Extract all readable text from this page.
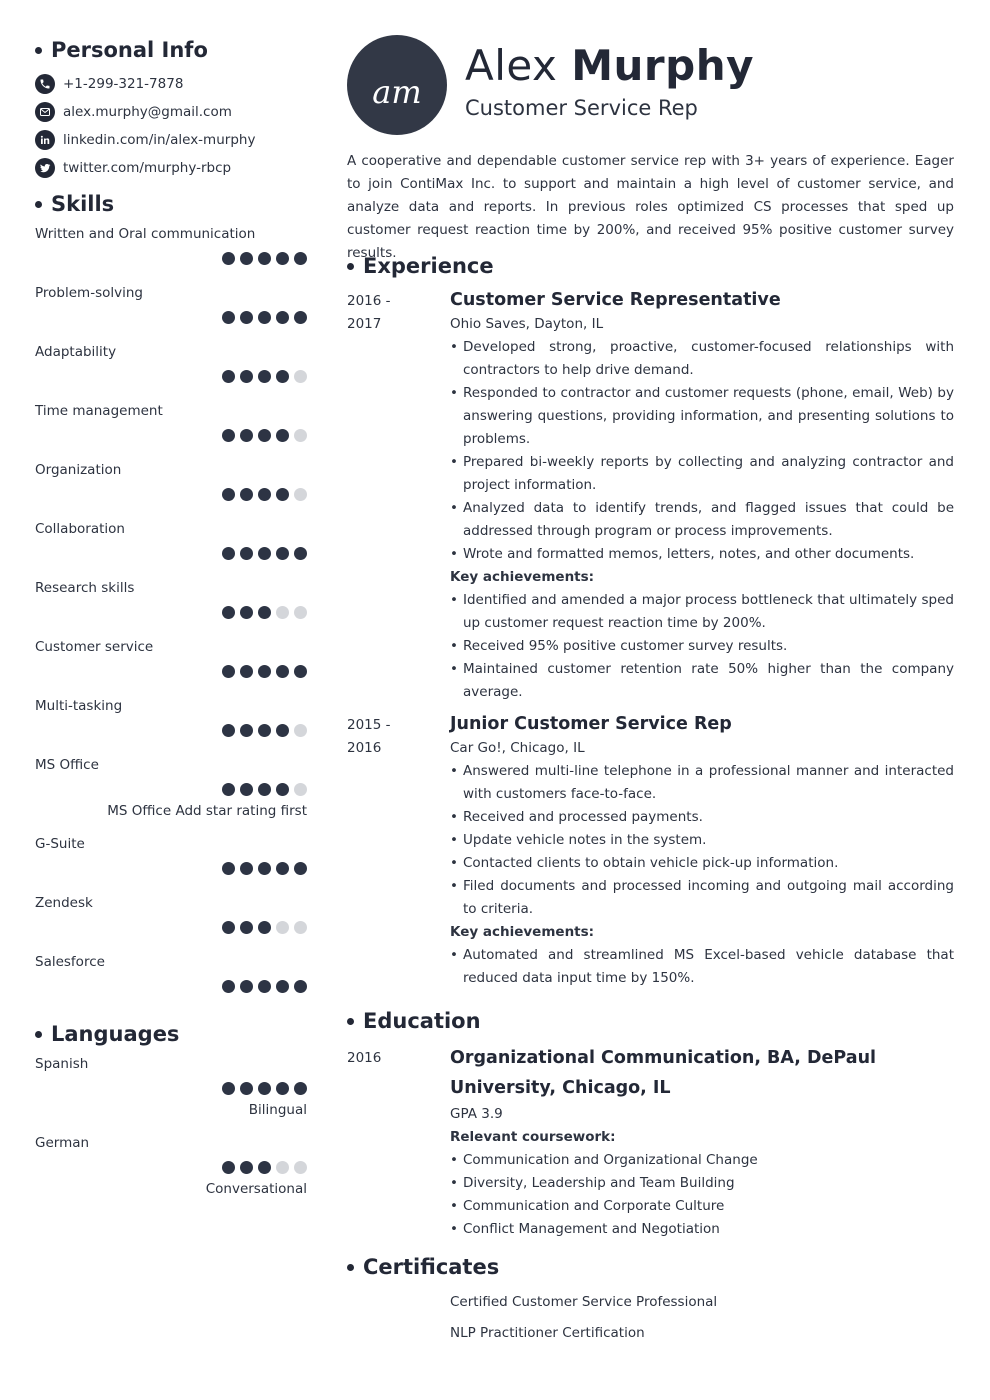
Personal Info
+1-299-321-7878
alex.murphy@gmail.com
linkedin.com/in/alex-murphy
twitter.com/murphy-rbcp
Skills
Written and Oral communication
Problem-solving
Adaptability
Time management
Organization
Collaboration
Research skills
Customer service
Multi-tasking
MS Office
MS Office Add star rating first
G-Suite
Zendesk
Salesforce
Languages
Spanish
Bilingual
German
Conversational
am
Alex Murphy
Customer Service Rep
A cooperative and dependable customer service rep with 3+ years of experience. Eager to join ContiMax Inc. to support and maintain a high level of customer service, and analyze data and reports. In previous roles optimized CS processes that sped up customer request reaction time by 200%, and received 95% positive customer survey results.
Experience
2016 -
2017
Customer Service Representative
Ohio Saves, Dayton, IL
• Developed strong, proactive, customer-focused relationships with contractors to help drive demand.
• Responded to contractor and customer requests (phone, email, Web) by answering questions, providing information, and presenting solutions to problems.
• Prepared bi-weekly reports by collecting and analyzing contractor and project information.
• Analyzed data to identify trends, and flagged issues that could be addressed through program or process improvements.
• Wrote and formatted memos, letters, notes, and other documents.
Key achievements:
• Identified and amended a major process bottleneck that ultimately sped up customer request reaction time by 200%.
• Received 95% positive customer survey results.
• Maintained customer retention rate 50% higher than the company average.
2015 -
2016
Junior Customer Service Rep
Car Go!, Chicago, IL
• Answered multi-line telephone in a professional manner and interacted with customers face-to-face.
• Received and processed payments.
• Update vehicle notes in the system.
• Contacted clients to obtain vehicle pick-up information.
• Filed documents and processed incoming and outgoing mail according to criteria.
Key achievements:
• Automated and streamlined MS Excel-based vehicle database that reduced data input time by 150%.
Education
2016	Organizational Communication, BA, DePaul University, Chicago, IL
GPA 3.9
Relevant coursework:
• Communication and Organizational Change
• Diversity, Leadership and Team Building
• Communication and Corporate Culture
• Conflict Management and Negotiation
Certificates
Certified Customer Service Professional
NLP Practitioner Certification
